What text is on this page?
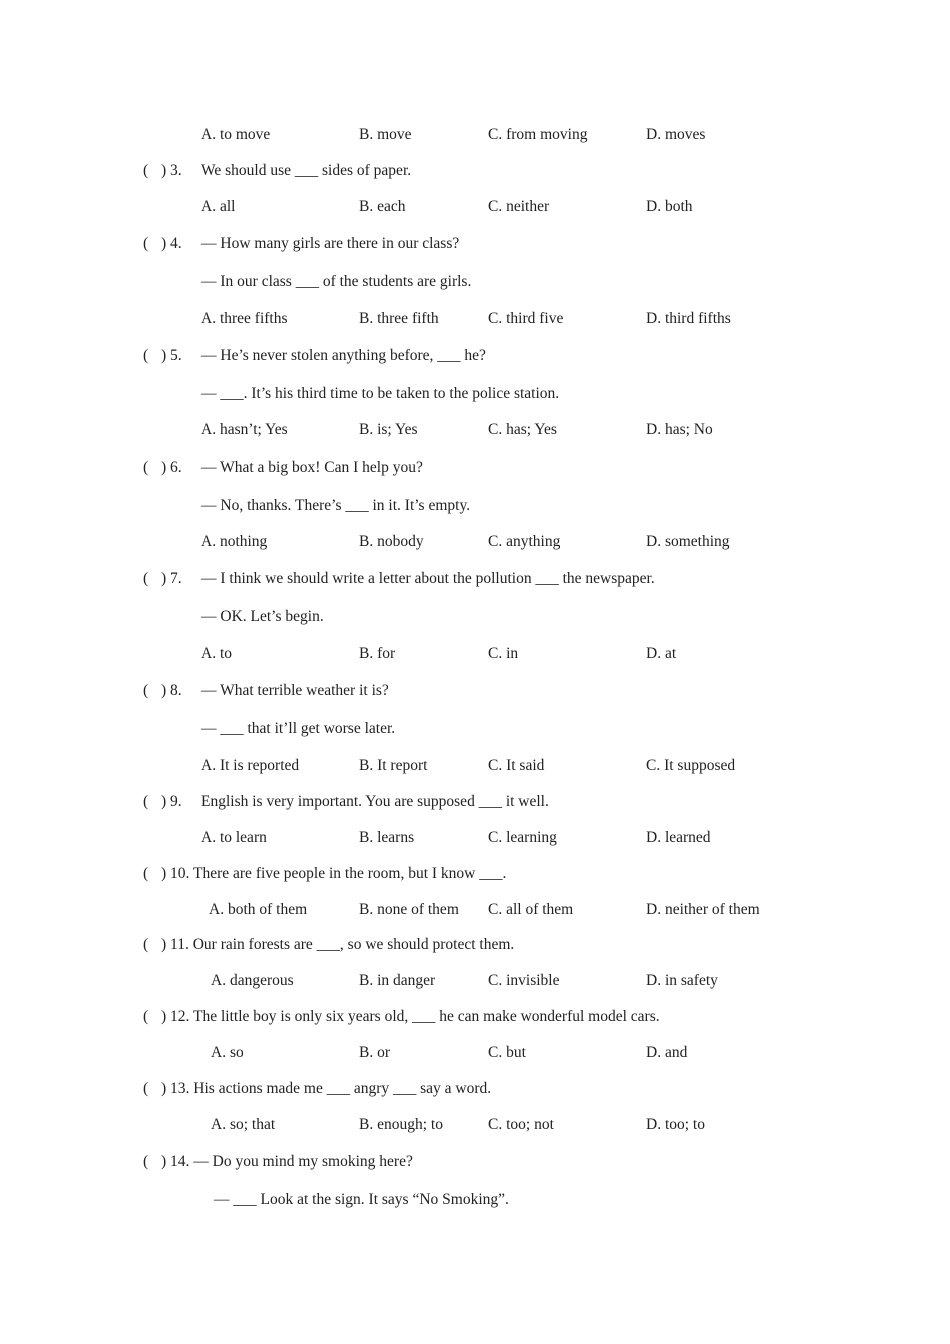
A. to move	B. move	C. from moving	D. moves
( ) 3. We should use ___ sides of paper.
A. all	B. each	C. neither	D. both
( ) 4. — How many girls are there in our class?
— In our class ___ of the students are girls.
A. three fifths	B. three fifth	C. third five	D. third fifths
( ) 5. — He’s never stolen anything before, ___ he?
— ___. It’s his third time to be taken to the police station.
A. hasn’t; Yes	B. is; Yes	C. has; Yes	D. has; No
( ) 6. — What a big box! Can I help you?
— No, thanks. There’s ___ in it. It’s empty.
A. nothing	B. nobody	C. anything	D. something
( ) 7. — I think we should write a letter about the pollution ___ the newspaper.
— OK. Let’s begin.
A. to	B. for	C. in	D. at
( ) 8. — What terrible weather it is?
— ___ that it’ll get worse later.
A. It is reported	B. It report	C. It said	C. It supposed
( ) 9. English is very important. You are supposed ___ it well.
A. to learn	B. learns	C. learning	D. learned
( ) 10. There are five people in the room, but I know ___.
A. both of them	B. none of them C. all of them	D. neither of them
( ) 11. Our rain forests are ___, so we should protect them.
A. dangerous	B. in danger	C. invisible	D. in safety
( ) 12. The little boy is only six years old, ___ he can make wonderful model cars.
A. so	B. or	C. but	D. and
( ) 13. His actions made me ___ angry ___ say a word.
A. so; that	B. enough; to	C. too; not	D. too; to
( ) 14. — Do you mind my smoking here?
— ___ Look at the sign. It says “No Smoking”.
